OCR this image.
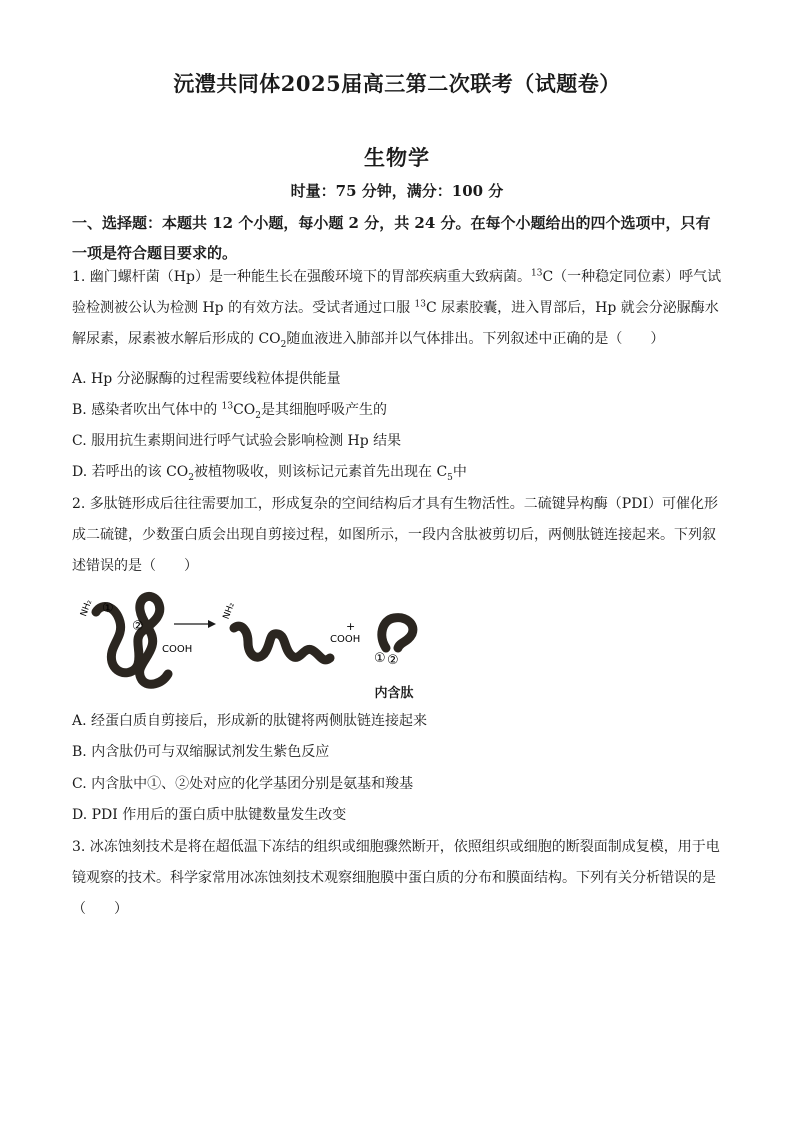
沅澧共同体2025届高三第二次联考（试题卷）
生物学
时量：75 分钟，满分：100 分
一、选择题：本题共 12 个小题，每小题 2 分，共 24 分。在每个小题给出的四个选项中，只有一项是符合题目要求的。
1. 幽门螺杆菌（Hp）是一种能生长在强酸环境下的胃部疾病重大致病菌。$^{13}$C（一种稳定同位素）呼气试验检测被公认为检测 Hp 的有效方法。受试者通过口服 $^{13}$C 尿素胶囊，进入胃部后，Hp 就会分泌脲酶水解尿素，尿素被水解后形成的 $CO_2$随血液进入肺部并以气体排出。下列叙述中正确的是（　　）
A. Hp 分泌脲酶的过程需要线粒体提供能量
B. 感染者吹出气体中的 $^{13}CO_2$是其细胞呼吸产生的
C. 服用抗生素期间进行呼气试验会影响检测 Hp 结果
D. 若呼出的该 $CO_2$被植物吸收，则该标记元素首先出现在 $C_5$中
2. 多肽链形成后往往需要加工，形成复杂的空间结构后才具有生物活性。二硫键异构酶（PDI）可催化形成二硫键，少数蛋白质会出现自剪接过程，如图所示，一段内含肽被剪切后，两侧肽链连接起来。下列叙述错误的是（　　）
NH₂ ①
②
COOH
NH₂
COOH
+
① ②
内含肽
A. 经蛋白质自剪接后，形成新的肽键将两侧肽链连接起来
B. 内含肽仍可与双缩脲试剂发生紫色反应
C. 内含肽中①、②处对应的化学基团分别是氨基和羧基
D. PDI 作用后的蛋白质中肽键数量发生改变
3. 冰冻蚀刻技术是将在超低温下冻结的组织或细胞骤然断开，依照组织或细胞的断裂面制成复模，用于电镜观察的技术。科学家常用冰冻蚀刻技术观察细胞膜中蛋白质的分布和膜面结构。下列有关分析错误的是（　　）
